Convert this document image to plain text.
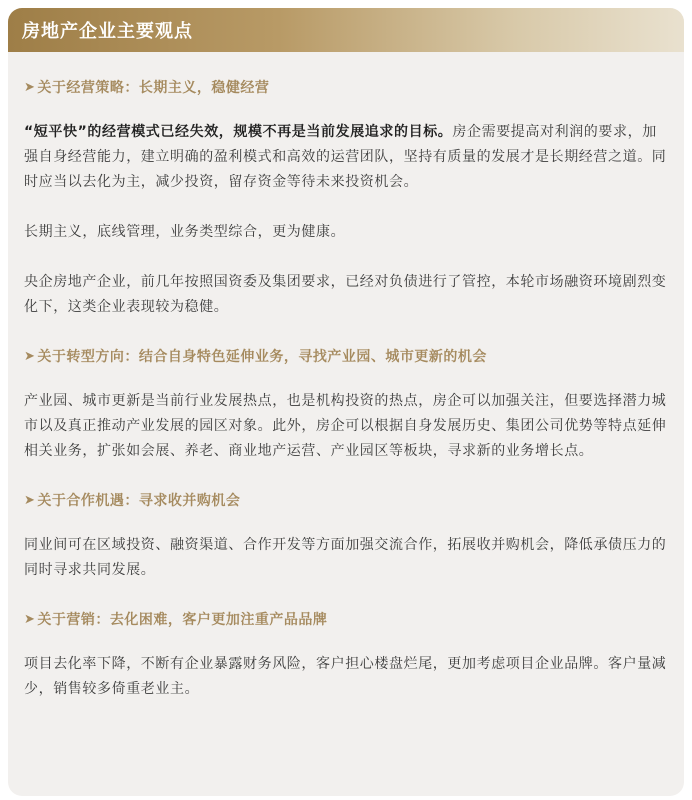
房地产企业主要观点
➤ 关于经营策略：长期主义，稳健经营

“短平快”的经营模式已经失效，规模不再是当前发展追求的目标。房企需要提高对利润的要求，加强自身经营能力，建立明确的盈利模式和高效的运营团队，坚持有质量的发展才是长期经营之道。同时应当以去化为主，减少投资，留存资金等待未来投资机会。

长期主义，底线管理，业务类型综合，更为健康。

央企房地产企业，前几年按照国资委及集团要求，已经对负债进行了管控，本轮市场融资环境剧烈变化下，这类企业表现较为稳健。

➤ 关于转型方向：结合自身特色延伸业务，寻找产业园、城市更新的机会

产业园、城市更新是当前行业发展热点，也是机构投资的热点，房企可以加强关注，但要选择潜力城市以及真正推动产业发展的园区对象。此外，房企可以根据自身发展历史、集团公司优势等特点延伸相关业务，扩张如会展、养老、商业地产运营、产业园区等板块，寻求新的业务增长点。

➤ 关于合作机遇：寻求收并购机会

同业间可在区域投资、融资渠道、合作开发等方面加强交流合作，拓展收并购机会，降低承债压力的同时寻求共同发展。

➤ 关于营销：去化困难，客户更加注重产品品牌

项目去化率下降，不断有企业暴露财务风险，客户担心楼盘烂尾，更加考虑项目企业品牌。客户量减少，销售较多倚重老业主。
